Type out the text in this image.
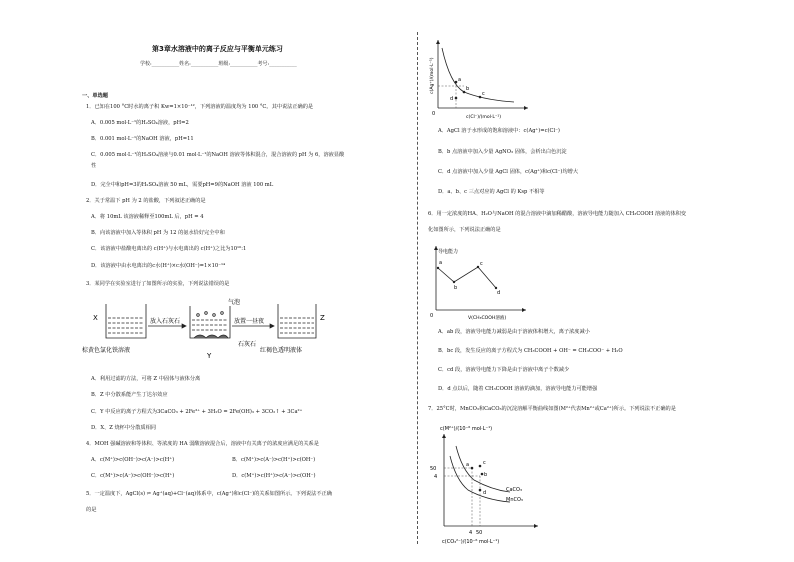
第3章水溶液中的离子反应与平衡单元练习
学校:___________姓名:___________班级:___________考号:___________
一、单选题
1．已知在100 °C时水的离子积 Kw=1×10⁻¹²，下列溶液的温度均为 100 °C。其中说法正确的是
A．0.005 mol·L⁻¹的H₂SO₄溶液，pH=2
B．0.001 mol·L⁻¹的NaOH 溶液，pH=11
C．0.005 mol·L⁻¹的H₂SO₄溶液与0.01 mol·L⁻¹的NaOH 溶液等体积混合，混合溶液的 pH 为 6，溶液显酸
性
D．完全中和pH=3的H₂SO₄溶液 50 mL，需要pH=9的NaOH 溶液 100 mL
2．关于常温下 pH 为 2 的盐酸，下列叙述正确的是
A．将 10mL 该溶液稀释至100mL 后，pH = 4
B．向该溶液中加入等体积 pH 为 12 的氨水恰好完全中和
C．该溶液中盐酸电离出的 c(H⁺)与水电离出的 c(H⁺)之比为10¹⁰:1
D．该溶液中由水电离出的c水(H⁺)×c水(OH⁻)=1×10⁻¹⁴
3．某同学在实验室进行了如图所示的实验，下列说法错误的是
X
Y
Z
放入石灰石
气泡
放置一昼夜
石灰石
棕黄色氯化铁溶液	红褐色透明液体
A．利用过滤的方法，可将 Z 中固体与液体分离
B．Z 中分散系能产生丁达尔效应
C．Y 中反应的离子方程式为3CaCO₃ + 2Fe³⁺ + 3H₂O = 2Fe(OH)₃ + 3CO₂↑ + 3Ca²⁺
D．X、Z 烧杯中分散质相同
4．MOH 强碱溶液和等体积、等浓度的 HA 弱酸溶液混合后，溶液中有关离子的浓度应满足的关系是
A．c(M⁺)>c(OH⁻)>c(A⁻)>c(H⁺)	B．c(M⁺)>c(A⁻)>c(H⁺)>c(OH⁻)
C．c(M⁺)>c(A⁻)>c(OH⁻)>c(H⁺)	D．c(M⁺)>c(H⁺)>c(A⁻)>c(OH⁻)
5．一定温度下，AgCl(s) ⇌ Ag⁺(aq)+Cl⁻(aq)体系中，c(Ag⁺)和c(Cl⁻)的关系如图所示。下列说法不正确
的是
a
b
c
d
0
c(Cl⁻)/(mol·L⁻¹)
c(Ag⁺)/(mol·L⁻¹)
A．AgCl 溶于水形成的饱和溶液中：c(Ag⁺)=c(Cl⁻)
B．b 点溶液中加入少量 AgNO₃ 固体，会析出白色沉淀
C．d 点溶液中加入少量 AgCl 固体，c(Ag⁺)和c(Cl⁻)均增大
D．a、b、c 三点对应的 AgCl 的 Ksp 不相等
6．用一定浓度的HA、H₂O与NaOH 的混合溶液中滴加稀醋酸，溶液导电能力随加入 CH₃COOH 溶液的体积变
化如图所示，下列说法正确的是
a
b
c
d
0
导电能力
V(CH₃COOH溶液)
A．ab 段，溶液导电能力减弱是由于溶液体积增大，离子浓度减小
B．bc 段，发生反应的离子方程式为 CH₃COOH + OH⁻ = CH₃COO⁻ + H₂O
C．cd 段，溶液导电能力下降是由于溶液中离子个数减少
D．d 点以后，随着 CH₃COOH 溶液的滴加，溶液导电能力可能增强
7．25°C时，MnCO₃和CaCO₃的沉淀溶解平衡曲线如图(M²⁺代表Mn²⁺或Ca²⁺)所示。下列说法不正确的是
c(M²⁺)/(10⁻⁶ mol·L⁻¹)
a
b
c
d	CaCO₃
MnCO₃
50
4
4 50
c(CO₃²⁻)/(10⁻⁶ mol·L⁻¹)
